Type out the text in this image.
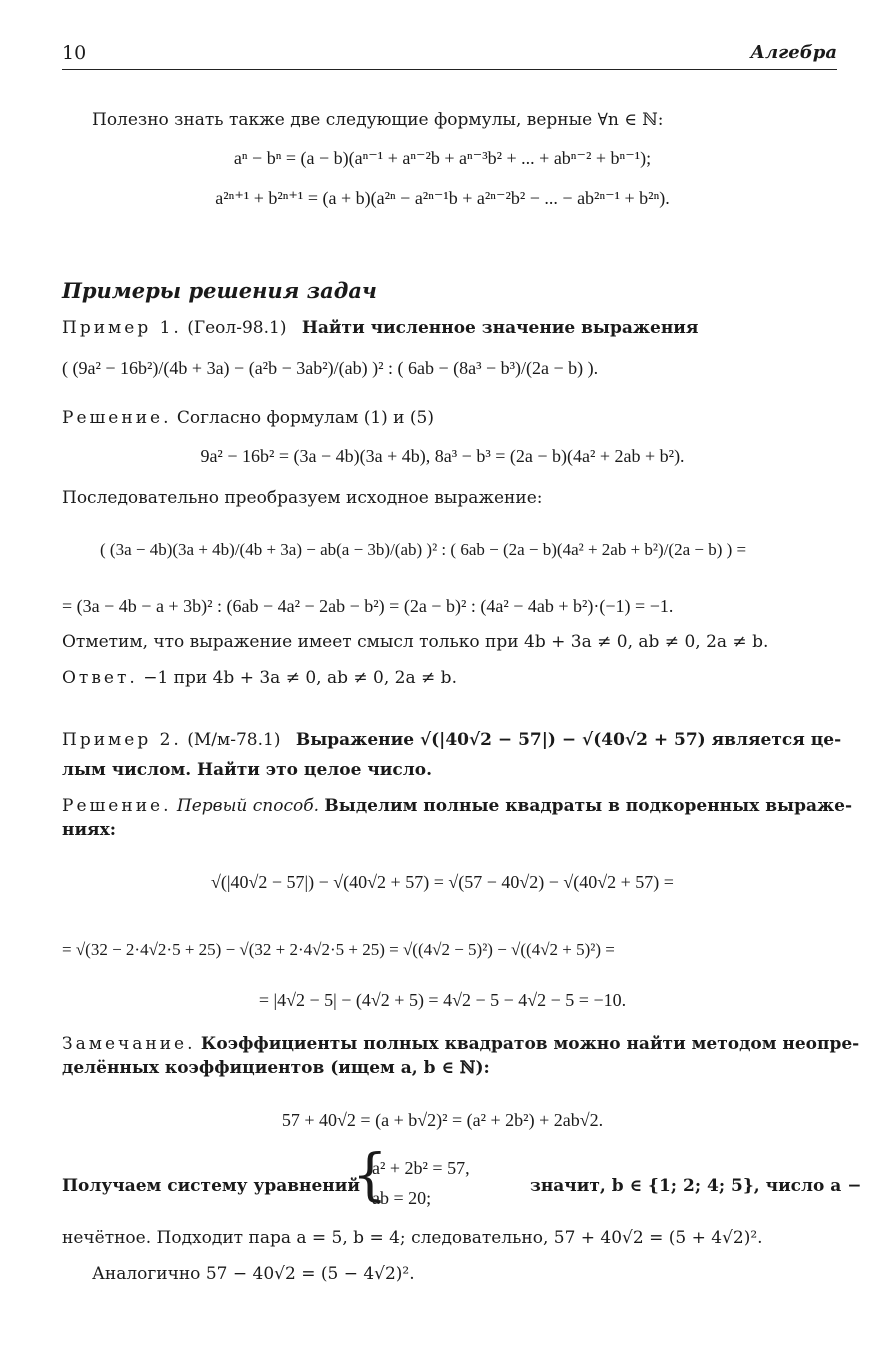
10	Алгебра
Полезно знать также две следующие формулы, верные ∀n ∈ ℕ:
aⁿ − bⁿ = (a − b)(aⁿ⁻¹ + aⁿ⁻²b + aⁿ⁻³b² + ... + abⁿ⁻² + bⁿ⁻¹);
a²ⁿ⁺¹ + b²ⁿ⁺¹ = (a + b)(a²ⁿ − a²ⁿ⁻¹b + a²ⁿ⁻²b² − ... − ab²ⁿ⁻¹ + b²ⁿ).
Примеры решения задач
Пример 1. (Геол-98.1) Найти численное значение выражения
( (9a² − 16b²)/(4b + 3a) − (a²b − 3ab²)/(ab) )² : ( 6ab − (8a³ − b³)/(2a − b) ).
Решение. Согласно формулам (1) и (5)
9a² − 16b² = (3a − 4b)(3a + 4b), 8a³ − b³ = (2a − b)(4a² + 2ab + b²).
Последовательно преобразуем исходное выражение:
( (3a − 4b)(3a + 4b)/(4b + 3a) − ab(a − 3b)/(ab) )² : ( 6ab − (2a − b)(4a² + 2ab + b²)/(2a − b) ) =
= (3a − 4b − a + 3b)² : (6ab − 4a² − 2ab − b²) = (2a − b)² : (4a² − 4ab + b²)·(−1) = −1.
Отметим, что выражение имеет смысл только при 4b + 3a ≠ 0, ab ≠ 0, 2a ≠ b.
Ответ. −1 при 4b + 3a ≠ 0, ab ≠ 0, 2a ≠ b.
Пример 2. (М/м-78.1) Выражение √(|40√2 − 57|) − √(40√2 + 57) является це-
лым числом. Найти это целое число.
Решение. Первый способ. Выделим полные квадраты в подкоренных выраже-
ниях:
√(|40√2 − 57|) − √(40√2 + 57) = √(57 − 40√2) − √(40√2 + 57) =
= √(32 − 2·4√2·5 + 25) − √(32 + 2·4√2·5 + 25) = √((4√2 − 5)²) − √((4√2 + 5)²) =
= |4√2 − 5| − (4√2 + 5) = 4√2 − 5 − 4√2 − 5 = −10.
Замечание. Коэффициенты полных квадратов можно найти методом неопре-
делённых коэффициентов (ищем a, b ∈ ℕ):
57 + 40√2 = (a + b√2)² = (a² + 2b²) + 2ab√2.
Получаем систему уравнений
{
a² + 2b² = 57,
ab = 20;
значит, b ∈ {1; 2; 4; 5}, число a −
нечётное. Подходит пара a = 5, b = 4; следовательно, 57 + 40√2 = (5 + 4√2)².
Аналогично 57 − 40√2 = (5 − 4√2)².
